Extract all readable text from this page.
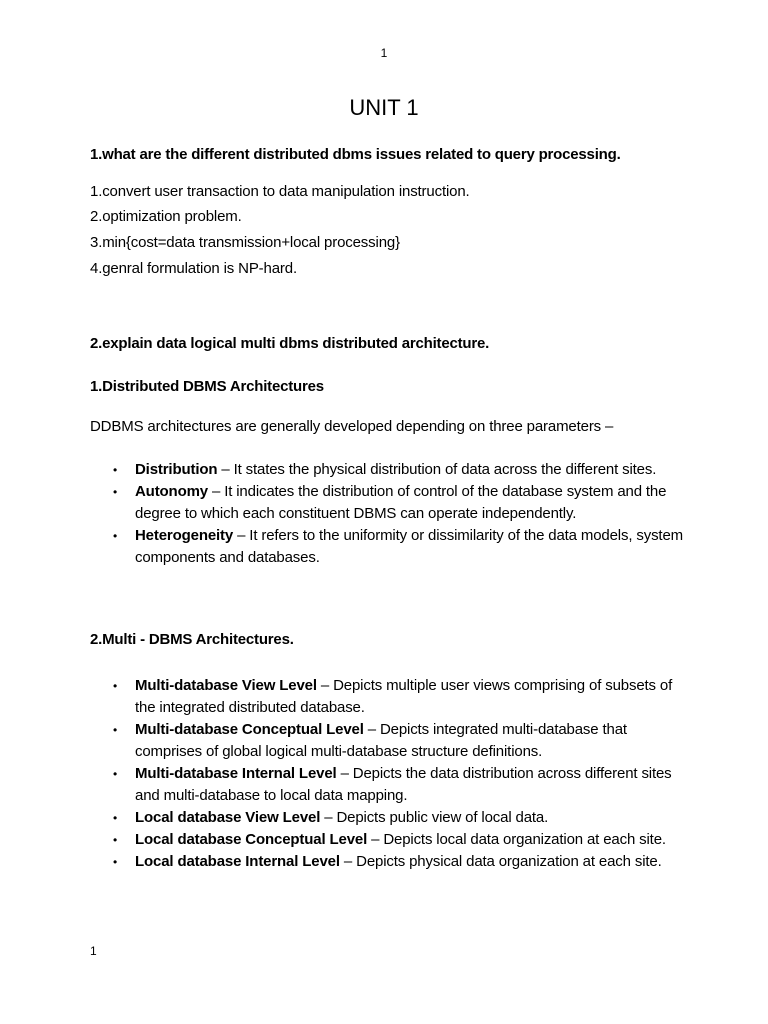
1
UNIT 1
1.what are the different distributed dbms issues related to query processing.
1.convert user transaction to data manipulation instruction.
2.optimization problem.
3.min{cost=data transmission+local processing}
4.genral formulation is NP-hard.
2.explain data logical multi dbms distributed architecture.
1.Distributed DBMS Architectures
DDBMS architectures are generally developed depending on three parameters –
• Distribution – It states the physical distribution of data across the different sites.
• Autonomy – It indicates the distribution of control of the database system and the degree to which each constituent DBMS can operate independently.
• Heterogeneity – It refers to the uniformity or dissimilarity of the data models, system components and databases.
2.Multi - DBMS Architectures.
• Multi-database View Level – Depicts multiple user views comprising of subsets of the integrated distributed database.
• Multi-database Conceptual Level – Depicts integrated multi-database that comprises of global logical multi-database structure definitions.
• Multi-database Internal Level – Depicts the data distribution across different sites and multi-database to local data mapping.
• Local database View Level – Depicts public view of local data.
• Local database Conceptual Level – Depicts local data organization at each site.
• Local database Internal Level – Depicts physical data organization at each site.
1
